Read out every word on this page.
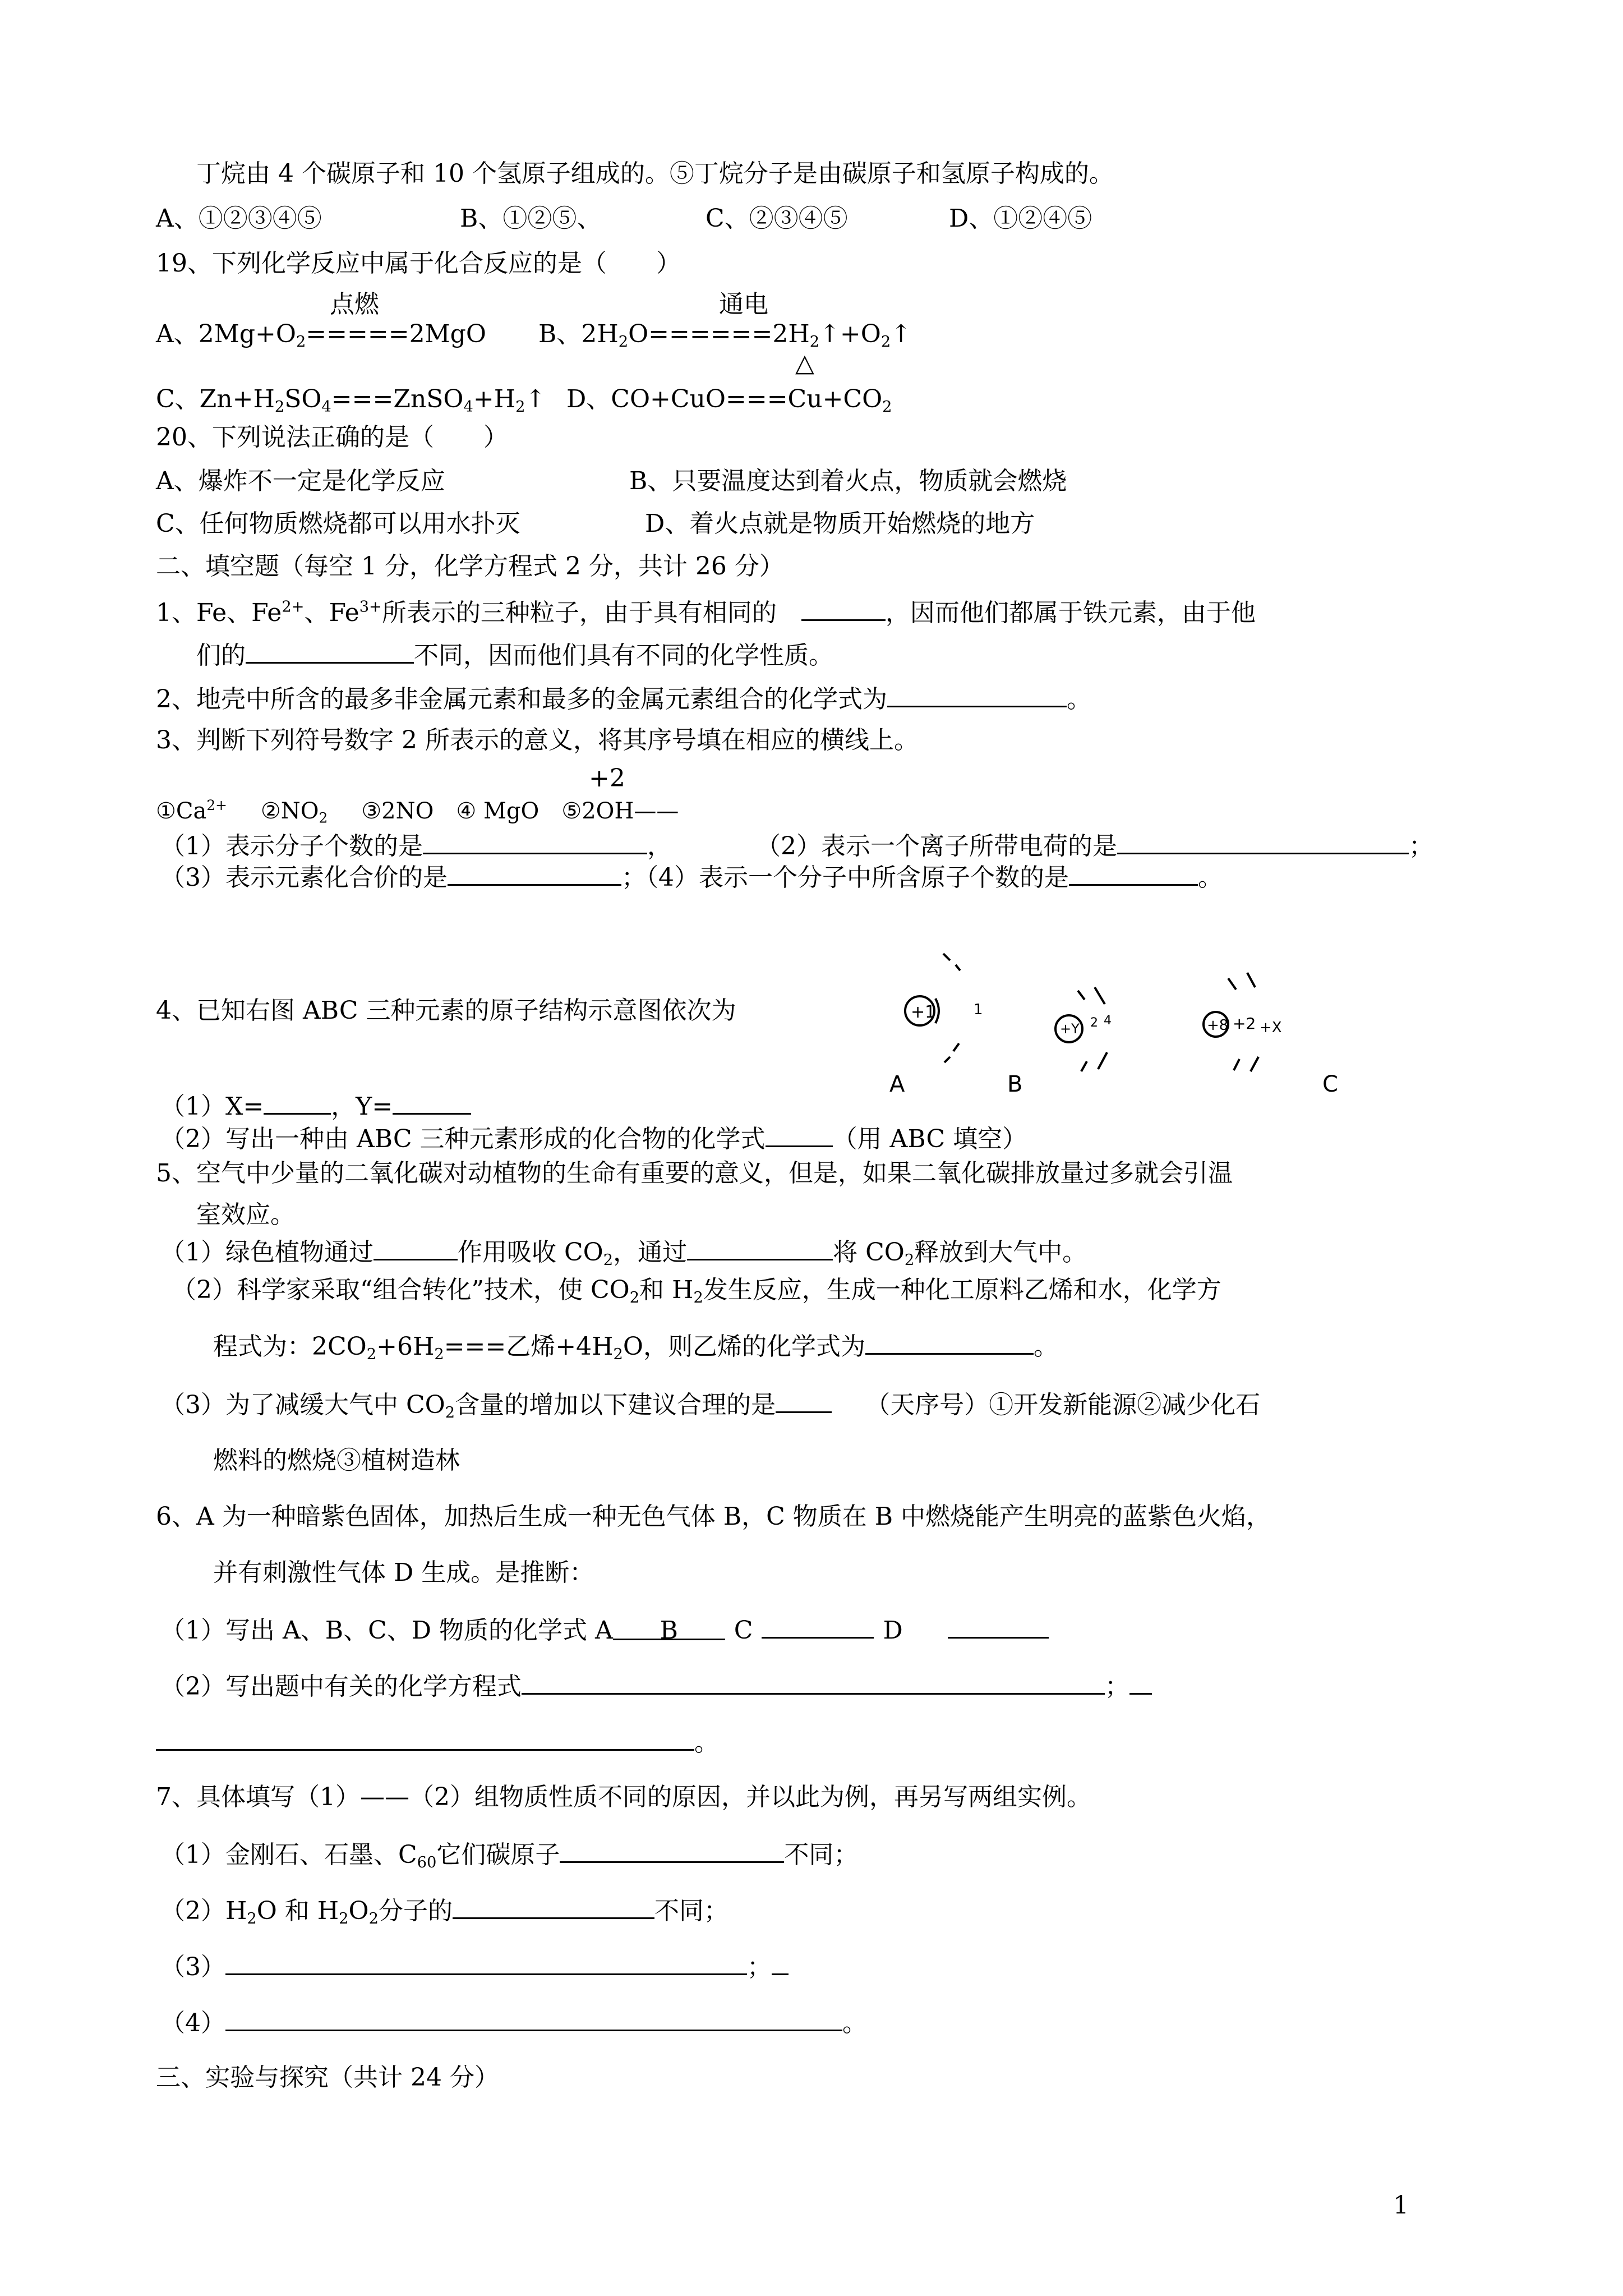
丁烷由 4 个碳原子和 10 个氢原子组成的。⑤丁烷分子是由碳原子和氢原子构成的。
A、①②③④⑤	B、①②⑤、	C、②③④⑤	D、①②④⑤
19、下列化学反应中属于化合反应的是（　　）
点燃	通电
A、$2Mg+O_2=====2MgO$ B、$2H_2O======2H_2↑+O_2↑$
△
C、$Zn+H_2SO_4===ZnSO_4+H_2↑$ D、$CO+CuO===Cu+CO_2$
20、下列说法正确的是（　　）
A、爆炸不一定是化学反应	B、只要温度达到着火点，物质就会燃烧
C、任何物质燃烧都可以用水扑灭	D、着火点就是物质开始燃烧的地方
二、填空题（每空 1 分，化学方程式 2 分，共计 26 分）
1、Fe、$Fe^{2+}$、$Fe^{3+}$所表示的三种粒子，由于具有相同的　	，因而他们都属于铁元素，由于他
们的	不同，因而他们具有不同的化学性质。
2、地壳中所含的最多非金属元素和最多的金属元素组合的化学式为	。
3、判断下列符号数字 2 所表示的意义，将其序号填在相应的横线上。
+2
$①Ca^{2+}$ $②NO_2$ ③2NO ④ MgO ⑤2OH——
（1）表示分子个数的是	，	（2）表示一个离子所带电荷的是	；
（3）表示元素化合价的是	；（4）表示一个分子中所含原子个数的是	。
4、已知右图 ABC 三种元素的原子结构示意图依次为	+1	1
+Y 2 4	+8 +2 +X
A	B	C
（1）X=	，Y=
（2）写出一种由 ABC 三种元素形成的化合物的化学式	（用 ABC 填空）
5、空气中少量的二氧化碳对动植物的生命有重要的意义，但是，如果二氧化碳排放量过多就会引温
室效应。
（1）绿色植物通过	作用吸收 $CO_2$，通过	将 $CO_2$释放到大气中。
（2）科学家采取“组合转化”技术，使 $CO_2$和 $H_2$发生反应，生成一种化工原料乙烯和水，化学方
程式为：$2CO_2+6H_2===$乙烯$+4H_2O$，则乙烯的化学式为	。
（3）为了减缓大气中 $CO_2$含量的增加以下建议合理的是	（天序号）①开发新能源②减少化石
燃料的燃烧③植树造林
6、A 为一种暗紫色固体，加热后生成一种无色气体 B，C 物质在 B 中燃烧能产生明亮的蓝紫色火焰，
并有刺激性气体 D 生成。是推断：
（1）写出 A、B、C、D 物质的化学式 A B C	D
（2）写出题中有关的化学方程式	；
。
7、具体填写（1）——（2）组物质性质不同的原因，并以此为例，再另写两组实例。
（1）金刚石、石墨、$C_{60}$它们碳原子	不同；
$(2)H_2O$ 和 $H_2O_2$分子的	不同；
（3）	；
（4）	。
三、实验与探究（共计 24 分）
1
